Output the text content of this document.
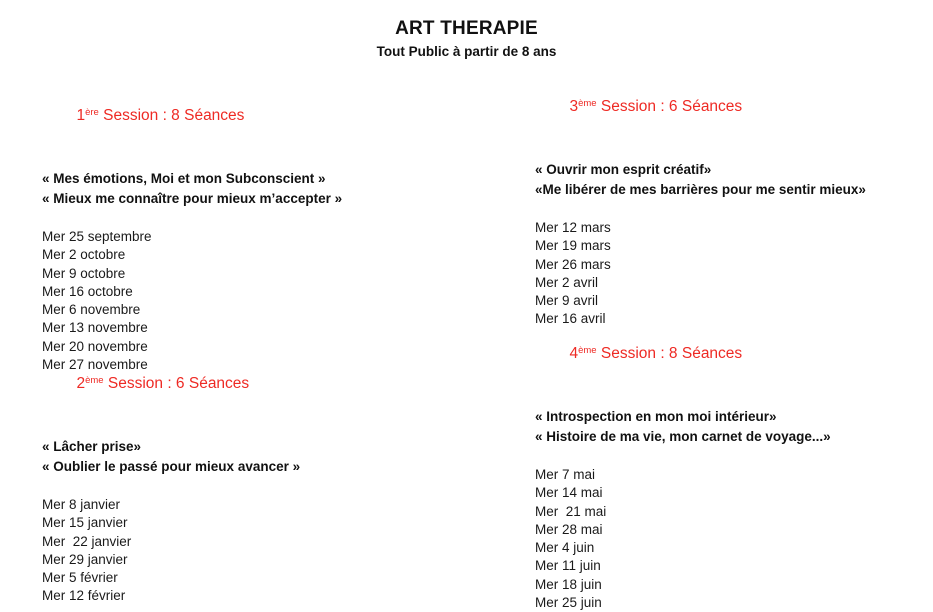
ART THERAPIE

Tout Public à partir de 8 ans

1ère Session : 8 Séances

« Mes émotions, Moi et mon Subconscient »
« Mieux me connaître pour mieux m’accepter »
Mer 25 septembre
Mer 2 octobre
Mer 9 octobre
Mer 16 octobre
Mer 6 novembre
Mer 13 novembre
Mer 20 novembre
Mer 27 novembre

2ème Session : 6 Séances

« Lâcher prise»
« Oublier le passé pour mieux avancer »
Mer 8 janvier
Mer 15 janvier
Mer  22 janvier
Mer 29 janvier
Mer 5 février
Mer 12 février

3ème Session : 6 Séances

« Ouvrir mon esprit créatif»
«Me libérer de mes barrières pour me sentir mieux»
Mer 12 mars
Mer 19 mars
Mer 26 mars
Mer 2 avril
Mer 9 avril
Mer 16 avril

4ème Session : 8 Séances

« Introspection en mon moi intérieur»
« Histoire de ma vie, mon carnet de voyage...»
Mer 7 mai
Mer 14 mai
Mer  21 mai
Mer 28 mai
Mer 4 juin
Mer 11 juin
Mer 18 juin
Mer 25 juin
